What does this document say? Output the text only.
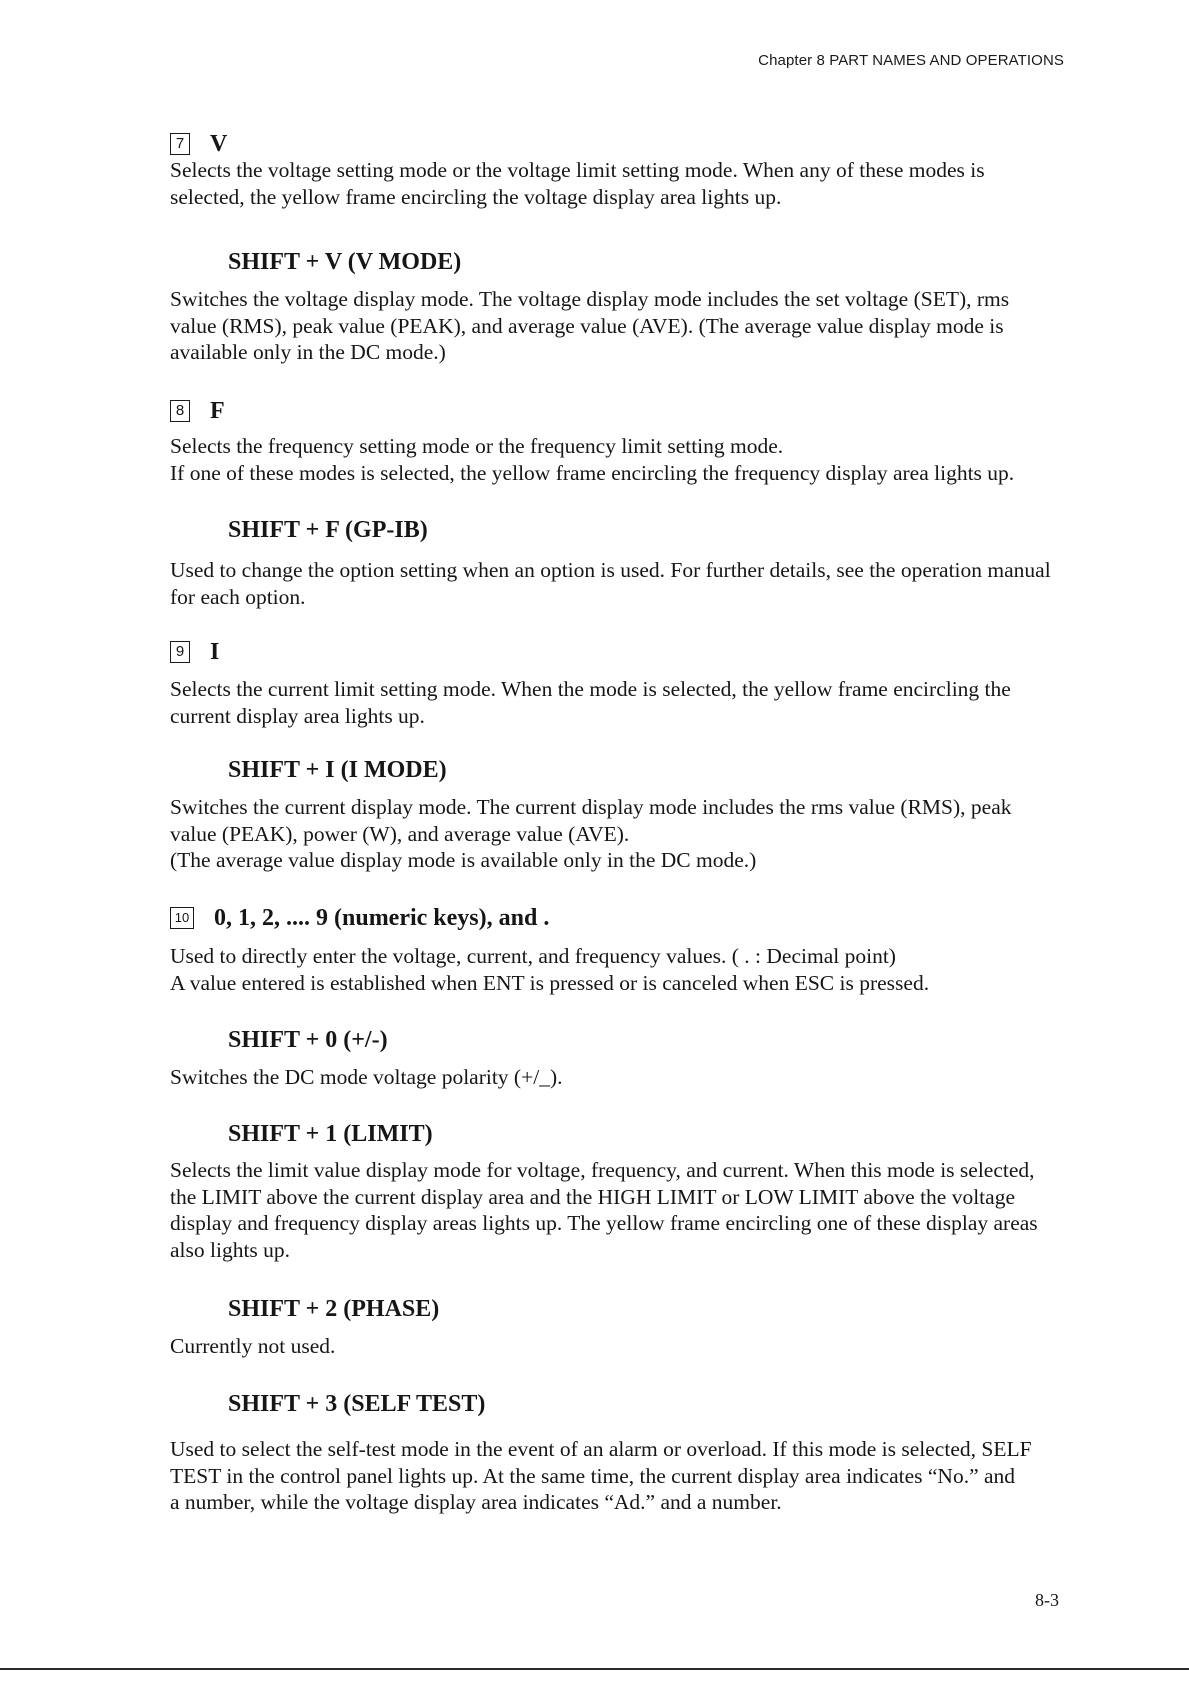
Chapter 8 PART NAMES AND OPERATIONS
7 V
Selects the voltage setting mode or the voltage limit setting mode. When any of these modes is
selected, the yellow frame encircling the voltage display area lights up.
SHIFT + V (V MODE)
Switches the voltage display mode. The voltage display mode includes the set voltage (SET), rms
value (RMS), peak value (PEAK), and average value (AVE). (The average value display mode is
available only in the DC mode.)
8 F
Selects the frequency setting mode or the frequency limit setting mode.
If one of these modes is selected, the yellow frame encircling the frequency display area lights up.
SHIFT + F (GP-IB)
Used to change the option setting when an option is used. For further details, see the operation manual
for each option.
9 I
Selects the current limit setting mode. When the mode is selected, the yellow frame encircling the
current display area lights up.
SHIFT + I (I MODE)
Switches the current display mode. The current display mode includes the rms value (RMS), peak
value (PEAK), power (W), and average value (AVE).
(The average value display mode is available only in the DC mode.)
10 0, 1, 2, .... 9 (numeric keys), and .
Used to directly enter the voltage, current, and frequency values. ( . : Decimal point)
A value entered is established when ENT is pressed or is canceled when ESC is pressed.
SHIFT + 0 (+/-)
Switches the DC mode voltage polarity (+/_).
SHIFT + 1 (LIMIT)
Selects the limit value display mode for voltage, frequency, and current. When this mode is selected,
the LIMIT above the current display area and the HIGH LIMIT or LOW LIMIT above the voltage
display and frequency display areas lights up. The yellow frame encircling one of these display areas
also lights up.
SHIFT + 2 (PHASE)
Currently not used.
SHIFT + 3 (SELF TEST)
Used to select the self-test mode in the event of an alarm or overload. If this mode is selected, SELF
TEST in the control panel lights up. At the same time, the current display area indicates “No.” and
a number, while the voltage display area indicates “Ad.” and a number.
8-3
